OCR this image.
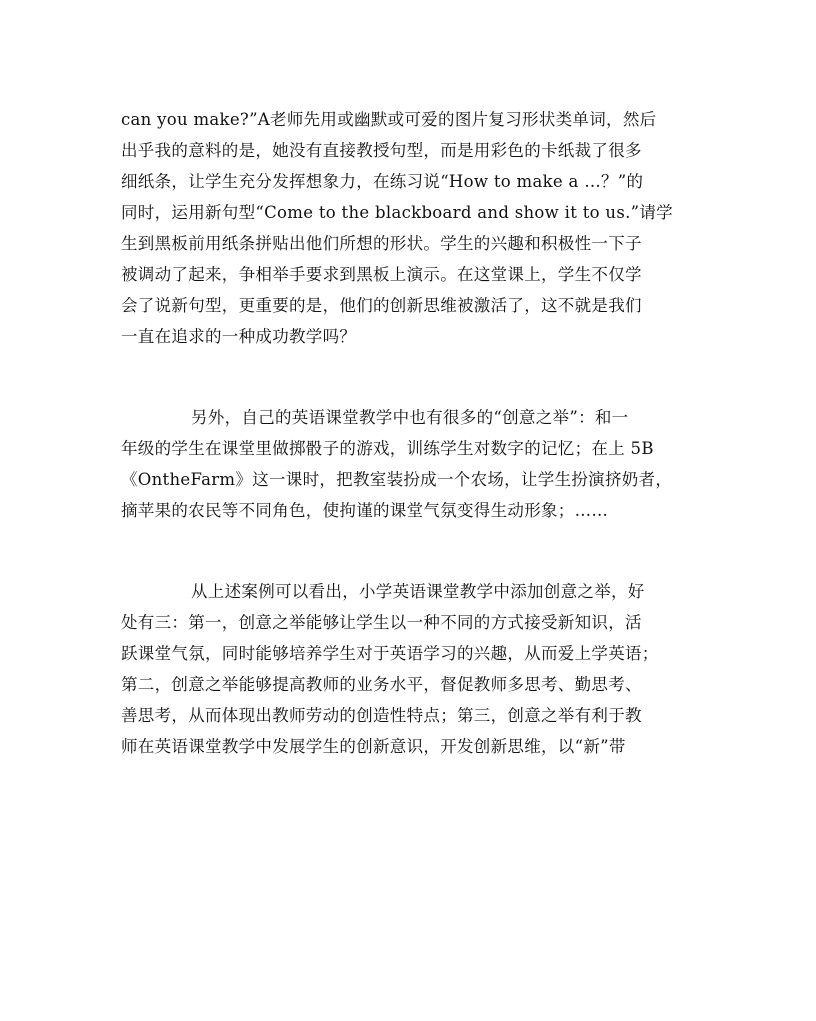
can you make?”A老师先用或幽默或可爱的图片复习形状类单词，然后
出乎我的意料的是，她没有直接教授句型，而是用彩色的卡纸裁了很多
细纸条，让学生充分发挥想象力，在练习说“How to make a …？”的
同时，运用新句型“Come to the blackboard and show it to us.”请学
生到黑板前用纸条拼贴出他们所想的形状。学生的兴趣和积极性一下子
被调动了起来，争相举手要求到黑板上演示。在这堂课上，学生不仅学
会了说新句型，更重要的是，他们的创新思维被激活了，这不就是我们
一直在追求的一种成功教学吗？
另外，自己的英语课堂教学中也有很多的“创意之举”：和一
年级的学生在课堂里做掷骰子的游戏，训练学生对数字的记忆；在上 5B
《OntheFarm》这一课时，把教室装扮成一个农场，让学生扮演挤奶者，
摘苹果的农民等不同角色，使拘谨的课堂气氛变得生动形象；……
从上述案例可以看出，小学英语课堂教学中添加创意之举，好
处有三：第一，创意之举能够让学生以一种不同的方式接受新知识，活
跃课堂气氛，同时能够培养学生对于英语学习的兴趣，从而爱上学英语；
第二，创意之举能够提高教师的业务水平，督促教师多思考、勤思考、
善思考，从而体现出教师劳动的创造性特点；第三，创意之举有利于教
师在英语课堂教学中发展学生的创新意识，开发创新思维，以“新”带
